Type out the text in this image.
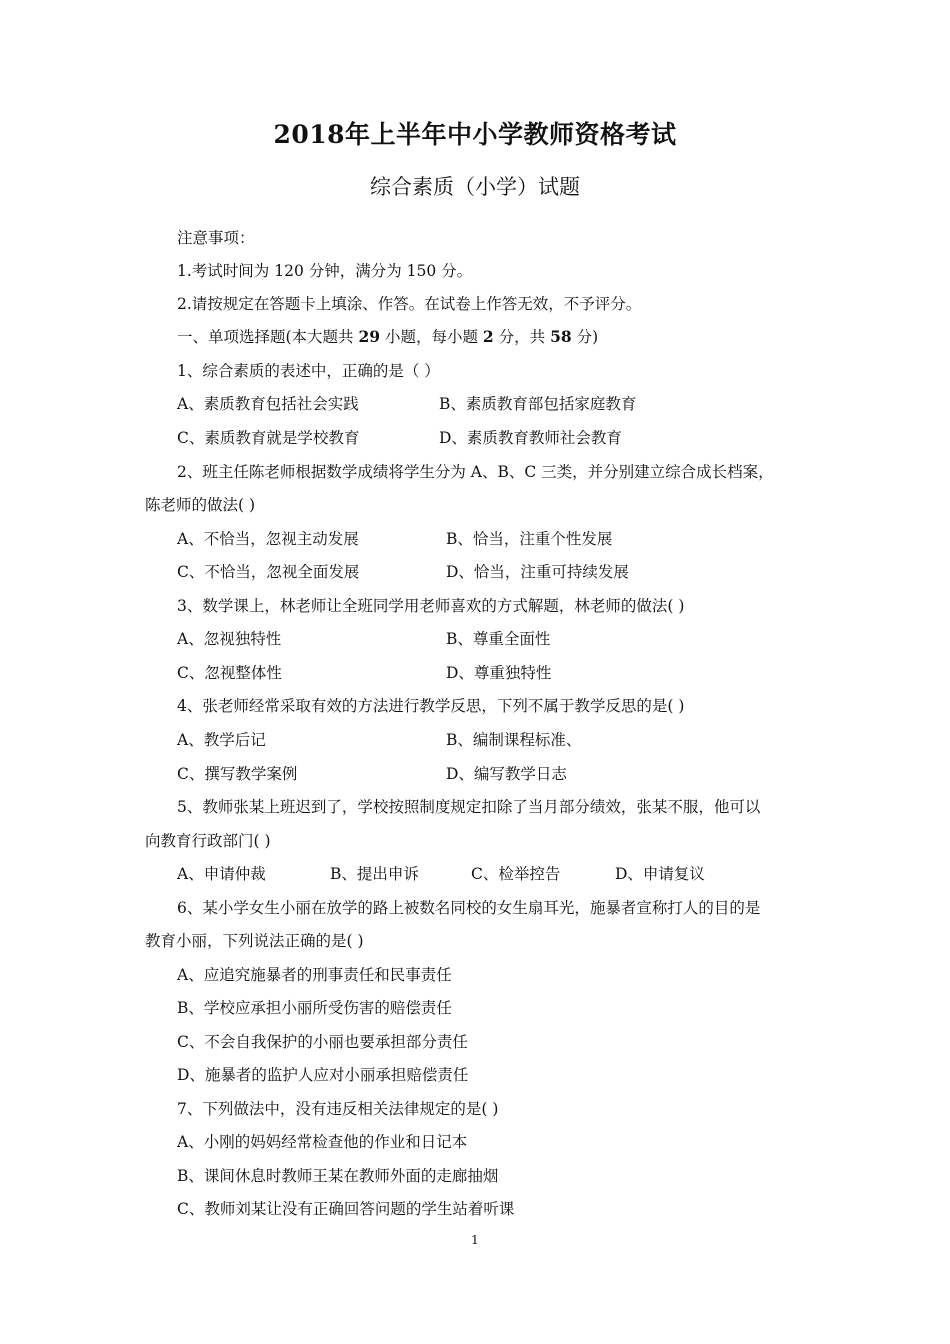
2018年上半年中小学教师资格考试
综合素质（小学）试题
注意事项：
1.考试时间为 120 分钟，满分为 150 分。
2.请按规定在答题卡上填涂、作答。在试卷上作答无效，不予评分。
一、单项选择题(本大题共 29 小题，每小题 2 分，共 58 分)
1、综合素质的表述中，正确的是（ ）
A、素质教育包括社会实践	B、素质教育部包括家庭教育
C、素质教育就是学校教育	D、素质教育教师社会教育
2、班主任陈老师根据数学成绩将学生分为 A、B、C 三类，并分别建立综合成长档案，
陈老师的做法( )
A、不恰当，忽视主动发展	B、恰当，注重个性发展
C、不恰当，忽视全面发展	D、恰当，注重可持续发展
3、数学课上，林老师让全班同学用老师喜欢的方式解题，林老师的做法( )
A、忽视独特性	B、尊重全面性
C、忽视整体性	D、尊重独特性
4、张老师经常采取有效的方法进行教学反思，下列不属于教学反思的是( )
A、教学后记	B、编制课程标准、
C、撰写教学案例	D、编写教学日志
5、教师张某上班迟到了，学校按照制度规定扣除了当月部分绩效，张某不服，他可以
向教育行政部门( )
A、申请仲裁	B、提出申诉	C、检举控告	D、申请复议
6、某小学女生小丽在放学的路上被数名同校的女生扇耳光，施暴者宣称打人的目的是
教育小丽，下列说法正确的是( )
A、应追究施暴者的刑事责任和民事责任
B、学校应承担小丽所受伤害的赔偿责任
C、不会自我保护的小丽也要承担部分责任
D、施暴者的监护人应对小丽承担赔偿责任
7、下列做法中，没有违反相关法律规定的是( )
A、小刚的妈妈经常检查他的作业和日记本
B、课间休息时教师王某在教师外面的走廊抽烟
C、教师刘某让没有正确回答问题的学生站着听课
1
